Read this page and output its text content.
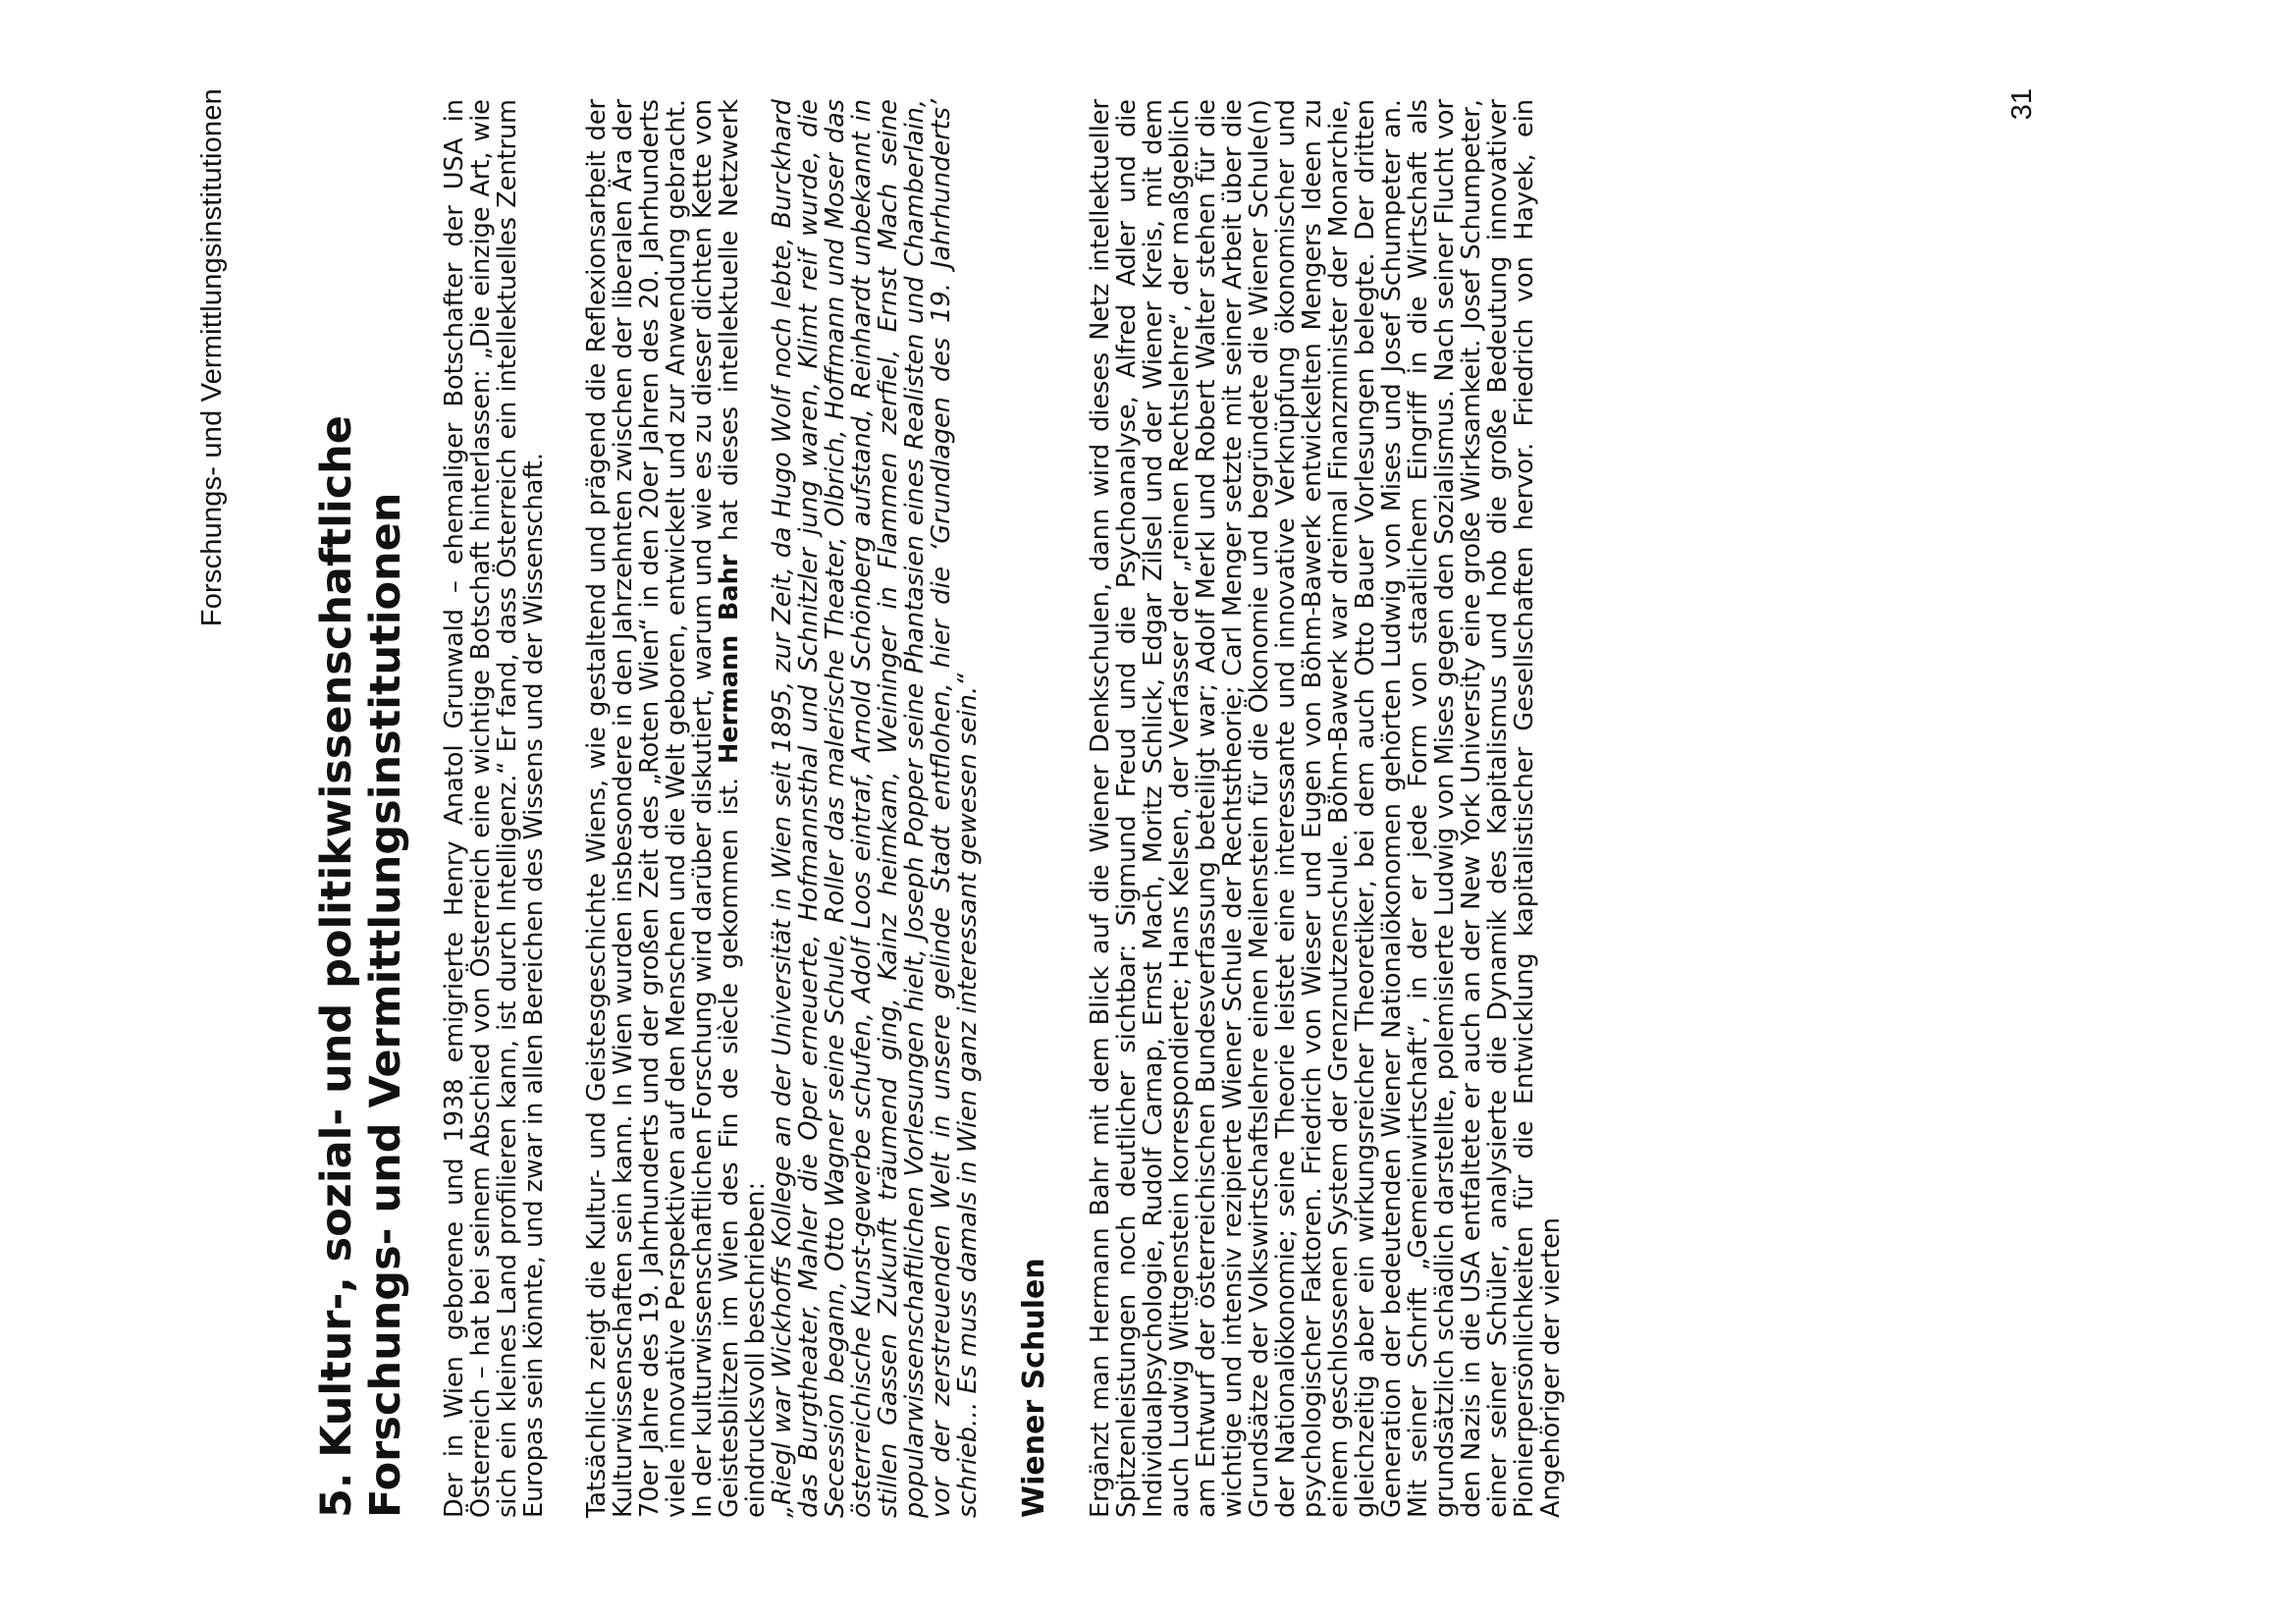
Forschungs- und Vermittlungsinstitutionen
5. Kultur-, sozial- und politikwissenschaftliche
Forschungs- und Vermittlungsinstitutionen Der in Wien geborene und 1938 emigrierte Henry Anatol Grunwald – ehemaliger Botschafter der USA in Österreich – hat bei seinem Abschied von Österreich eine wichtige Botschaft hinterlassen: „Die einzige Art, wie sich ein kleines Land profilieren kann, ist durch Intelligenz.“ Er fand, dass Österreich ein intellektuelles Zentrum Europas sein könnte, und zwar in allen Bereichen des Wissens und der Wissenschaft. Tatsächlich zeigt die Kultur- und Geistesgeschichte Wiens, wie gestaltend und prägend die Reflexionsarbeit der Kulturwissenschaften sein kann. In Wien wurden insbesondere in den Jahrzehnten zwischen der liberalen Ära der 70er Jahre des 19. Jahrhunderts und der großen Zeit des „Roten Wien“ in den 20er Jahren des 20. Jahrhunderts viele innovative Perspektiven auf den Menschen und die Welt geboren, entwickelt und zur Anwendung gebracht. In der kulturwissenschaftlichen Forschung wird darüber diskutiert, warum und wie es zu dieser dichten Kette von Geistesblitzen im Wien des Fin de siècle gekommen ist. Hermann Bahr hat dieses intellektuelle Netzwerk eindrucksvoll beschrieben:

„Riegl war Wickhoffs Kollege an der Universität in Wien seit 1895, zur Zeit, da Hugo Wolf noch lebte, Burckhard das Burgtheater, Mahler die Oper erneuerte, Hofmannsthal und Schnitzler jung waren, Klimt reif wurde, die Secession begann, Otto Wagner seine Schule, Roller das malerische Theater, Olbrich, Hoffmann und Moser das österreichische Kunst-gewerbe schufen, Adolf Loos eintraf, Arnold Schönberg aufstand, Reinhardt unbekannt in stillen Gassen Zukunft träumend ging, Kainz heimkam, Weininger in Flammen zerfiel, Ernst Mach seine popularwissenschaftlichen Vorlesungen hielt, Joseph Popper seine Phantasien eines Realisten und Chamberlain, vor der zerstreuenden Welt in unsere gelinde Stadt entflohen, hier die ‘Grundlagen des 19. Jahrhunderts’ schrieb… Es muss damals in Wien ganz interessant gewesen sein.“ Wiener Schulen Ergänzt man Hermann Bahr mit dem Blick auf die Wiener Denkschulen, dann wird dieses Netz intellektueller Spitzenleistungen noch deutlicher sichtbar: Sigmund Freud und die Psychoanalyse, Alfred Adler und die Individualpsychologie, Rudolf Carnap, Ernst Mach, Moritz Schlick, Edgar Zilsel und der Wiener Kreis, mit dem auch Ludwig Wittgenstein korrespondierte; Hans Kelsen, der Verfasser der „reinen Rechtslehre“, der maßgeblich am Entwurf der österreichischen Bundesverfassung beteiligt war; Adolf Merkl und Robert Walter stehen für die wichtige und intensiv rezipierte Wiener Schule der Rechtstheorie; Carl Menger setzte mit seiner Arbeit über die Grundsätze der Volkswirtschaftslehre einen Meilenstein für die Ökonomie und begründete die Wiener Schule(n) der Nationalökonomie; seine Theorie leistet eine interessante und innovative Verknüpfung ökonomischer und psychologischer Faktoren. Friedrich von Wieser und Eugen von Böhm-Bawerk entwickelten Mengers Ideen zu einem geschlossenen System der Grenznutzenschule. Böhm-Bawerk war dreimal Finanzminister der Monarchie, gleichzeitig aber ein wirkungsreicher Theoretiker, bei dem auch Otto Bauer Vorlesungen belegte. Der dritten Generation der bedeutenden Wiener Nationalökonomen gehörten Ludwig von Mises und Josef Schumpeter an. Mit seiner Schrift „Gemeinwirtschaft“, in der er jede Form von staatlichem Eingriff in die Wirtschaft als grundsätzlich schädlich darstellte, polemisierte Ludwig von Mises gegen den Sozialismus. Nach seiner Flucht vor den Nazis in die USA entfaltete er auch an der New York University eine große Wirksamkeit. Josef Schumpeter, einer seiner Schüler, analysierte die Dynamik des Kapitalismus und hob die große Bedeutung innovativer Pionierpersönlichkeiten für die Entwicklung kapitalistischer Gesellschaften hervor. Friedrich von Hayek, ein Angehöriger der vierten

31
